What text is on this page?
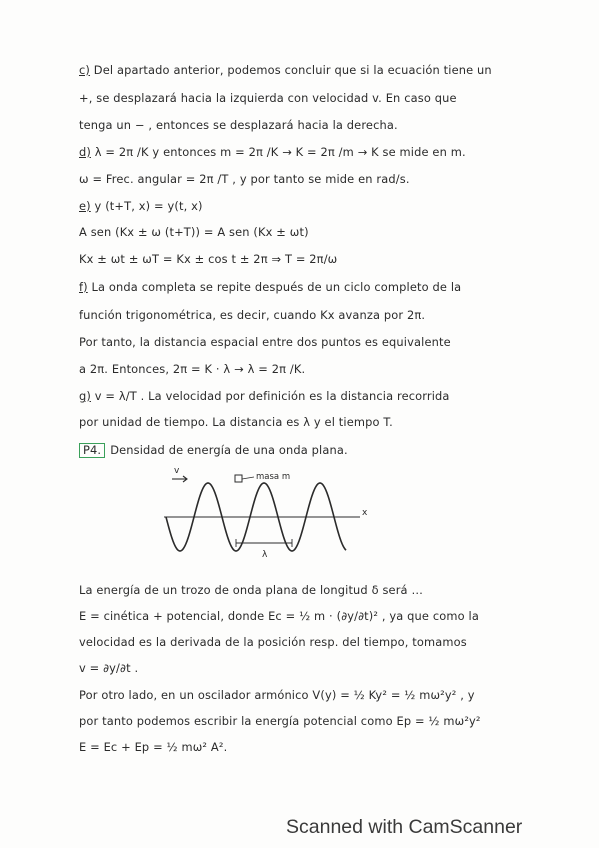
c) Del apartado anterior, podemos concluir que si la ecuación tiene un
+, se desplazará hacia la izquierda con velocidad v. En caso que
tenga un − , entonces se desplazará hacia la derecha.
d) λ = 2π /K y entonces m = 2π /K → K = 2π /m → K se mide en m.
ω = Frec. angular = 2π /T , y por tanto se mide en rad/s.
e) y (t+T, x) = y(t, x)
A sen (Kx ± ω (t+T)) = A sen (Kx ± ωt)
Kx ± ωt ± ωT = Kx ± cos t ± 2π ⇒ T = 2π/ω
f) La onda completa se repite después de un ciclo completo de la
función trigonométrica, es decir, cuando Kx avanza por 2π.
Por tanto, la distancia espacial entre dos puntos es equivalente
a 2π. Entonces, 2π = K · λ → λ = 2π /K.
g) v = λ/T . La velocidad por definición es la distancia recorrida
por unidad de tiempo. La distancia es λ y el tiempo T.
P4. Densidad de energía de una onda plana.
v
x
masa m
λ
La energía de un trozo de onda plana de longitud δ será …
E = cinética + potencial, donde Ec = ½ m · (∂y/∂t)² , ya que como la
velocidad es la derivada de la posición resp. del tiempo, tomamos
v = ∂y/∂t .
Por otro lado, en un oscilador armónico V(y) = ½ Ky² = ½ mω²y² , y
por tanto podemos escribir la energía potencial como Ep = ½ mω²y²
E = Ec + Ep = ½ mω² A².
Scanned with CamScanner
